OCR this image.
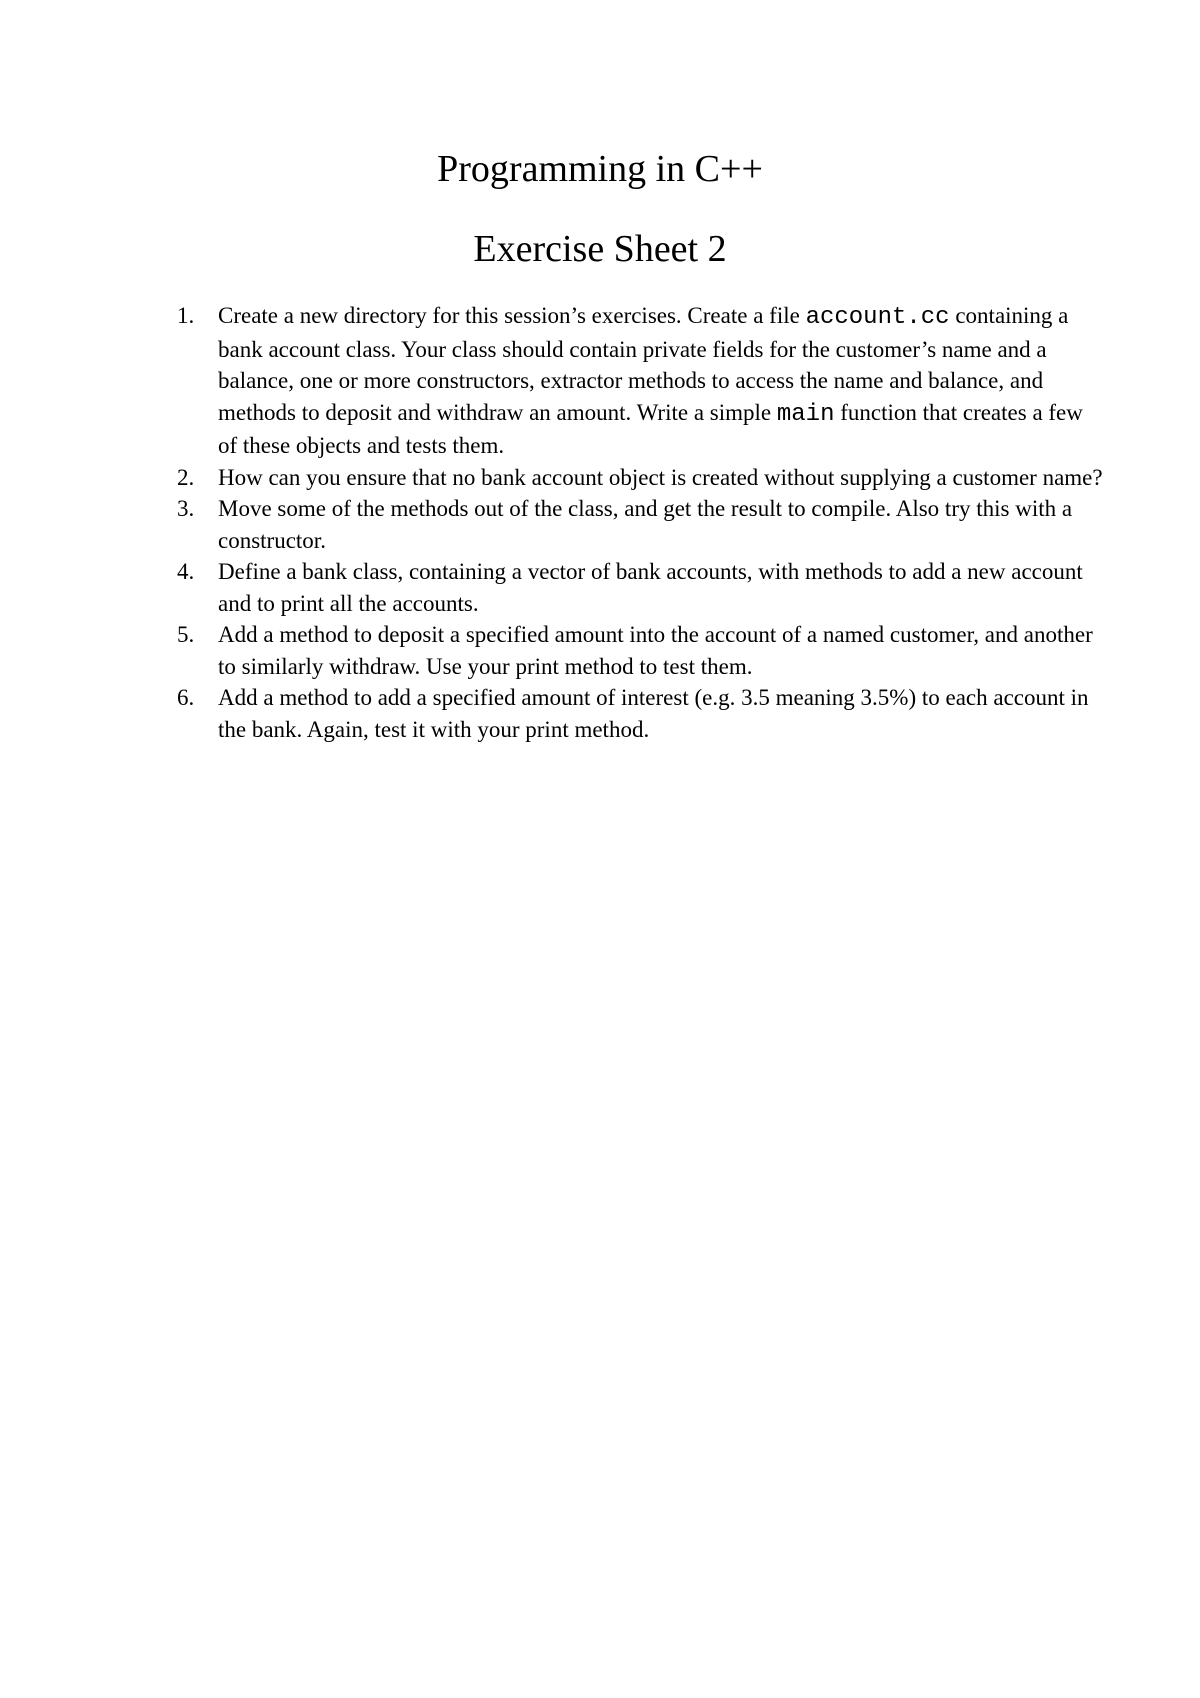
Programming in C++
Exercise Sheet 2
1.	Create a new directory for this session’s exercises. Create a file account.cc containing a bank account class. Your class should contain private fields for the customer’s name and a balance, one or more constructors, extractor methods to access the name and balance, and methods to deposit and withdraw an amount. Write a simple main function that creates a few of these objects and tests them.
2.	How can you ensure that no bank account object is created without supplying a customer name?
3.	Move some of the methods out of the class, and get the result to compile. Also try this with a constructor.
4.	Define a bank class, containing a vector of bank accounts, with methods to add a new account and to print all the accounts.
5.	Add a method to deposit a specified amount into the account of a named customer, and another to similarly withdraw. Use your print method to test them.
6.	Add a method to add a specified amount of interest (e.g. 3.5 meaning 3.5%) to each account in the bank. Again, test it with your print method.
